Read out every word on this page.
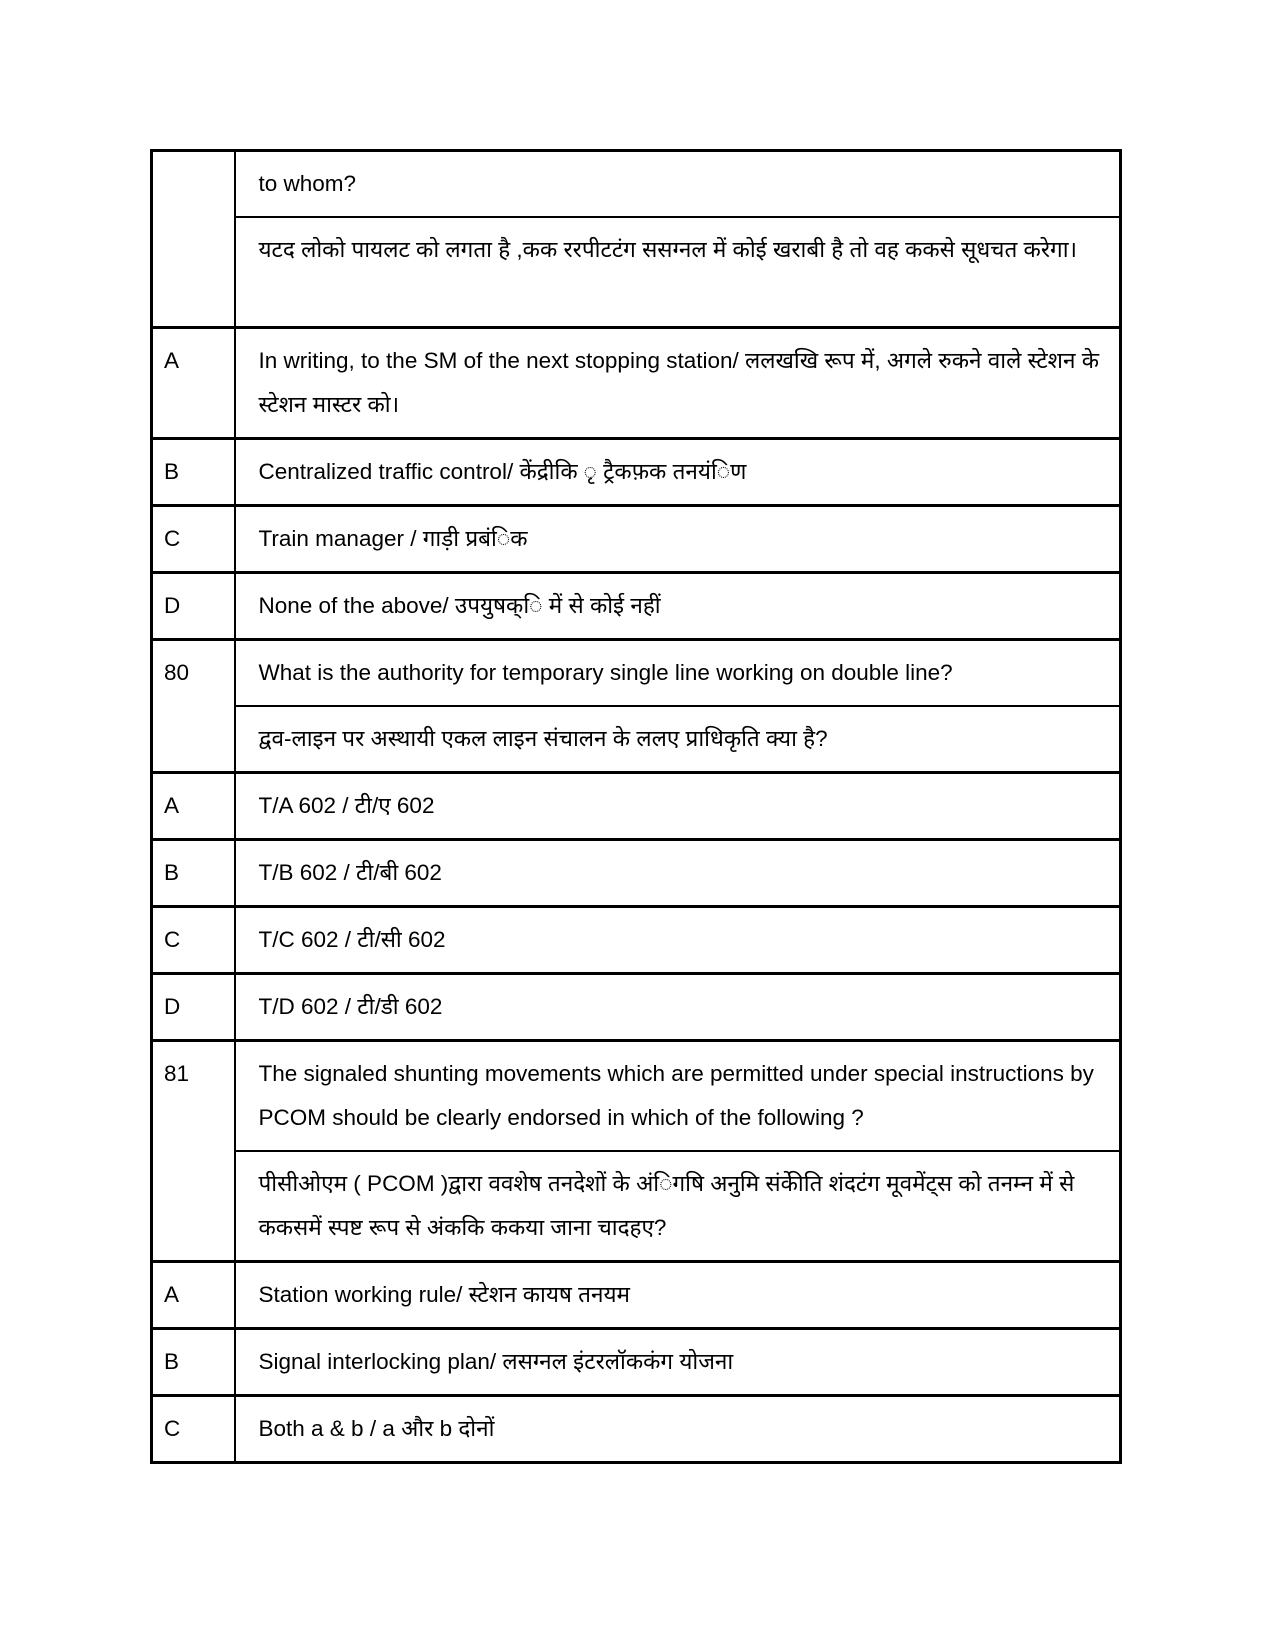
	to whom?
	यटद लोको पायलट को लगता है ,कक ररपीटटंग ससग्नल में कोई खराबी है तो वह ककसे सूधचत करेगा।
A	In writing, to the SM of the next stopping station/ ललखखि रूप में, अगले रुकने वाले स्टेशन के स्टेशन मास्टर को।
B	Centralized traffic control/ केंद्रीकि ृ ट्रैकफ़क तनयंिण
C	Train manager / गाड़ी प्रबंिक
D	None of the above/ उपयुषक्ि में से कोई नहीं
80	What is the authority for temporary single line working on double line?
	द्वव-लाइन पर अस्थायी एकल लाइन संचालन के ललए प्राधिकृति क्या है?
A	T/A 602 / टी/ए 602
B	T/B 602 / टी/बी 602
C	T/C 602 / टी/सी 602
D	T/D 602 / टी/डी 602
81	The signaled shunting movements which are permitted under special instructions by PCOM should be clearly endorsed in which of the following ?
	पीसीओएम ( PCOM )द्वारा ववशेष तनदेशों के अंिगषि अनुमि संकेीति शंदटंग मूवमेंट्स को तनम्न में से ककसमें स्पष्ट रूप से अंककि ककया जाना चादहए?
A	Station working rule/ स्टेशन कायष तनयम
B	Signal interlocking plan/ लसग्नल इंटरलॉककंग योजना
C	Both a & b / a और b दोनों
